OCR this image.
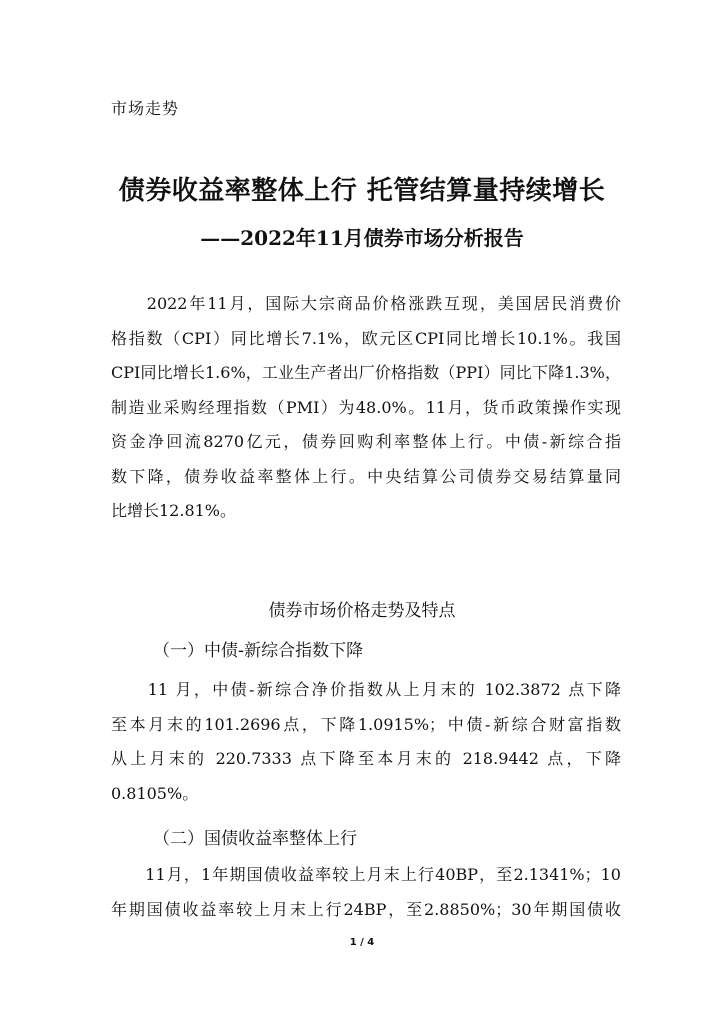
市场走势
债券收益率整体上行 托管结算量持续增长
——2022年11月债券市场分析报告
　　2022年11月，国际大宗商品价格涨跌互现，美国居民消费价
格指数（CPI）同比增长7.1%，欧元区CPI同比增长10.1%。我国
CPI同比增长1.6%，工业生产者出厂价格指数（PPI）同比下降1.3%，
制造业采购经理指数（PMI）为48.0%。11月，货币政策操作实现
资金净回流8270亿元，债券回购利率整体上行。中债-新综合指
数下降，债券收益率整体上行。中央结算公司债券交易结算量同
比增长12.81%。
债券市场价格走势及特点
（一）中债-新综合指数下降
　　11 月，中债-新综合净价指数从上月末的 102.3872 点下降
至本月末的101.2696点，下降1.0915%；中债-新综合财富指数
从上月末的 220.7333 点下降至本月末的 218.9442 点，下降
0.8105%。
（二）国债收益率整体上行
　　11月，1年期国债收益率较上月末上行40BP，至2.1341%；10
年期国债收益率较上月末上行24BP，至2.8850%；30年期国债收
1 / 4
